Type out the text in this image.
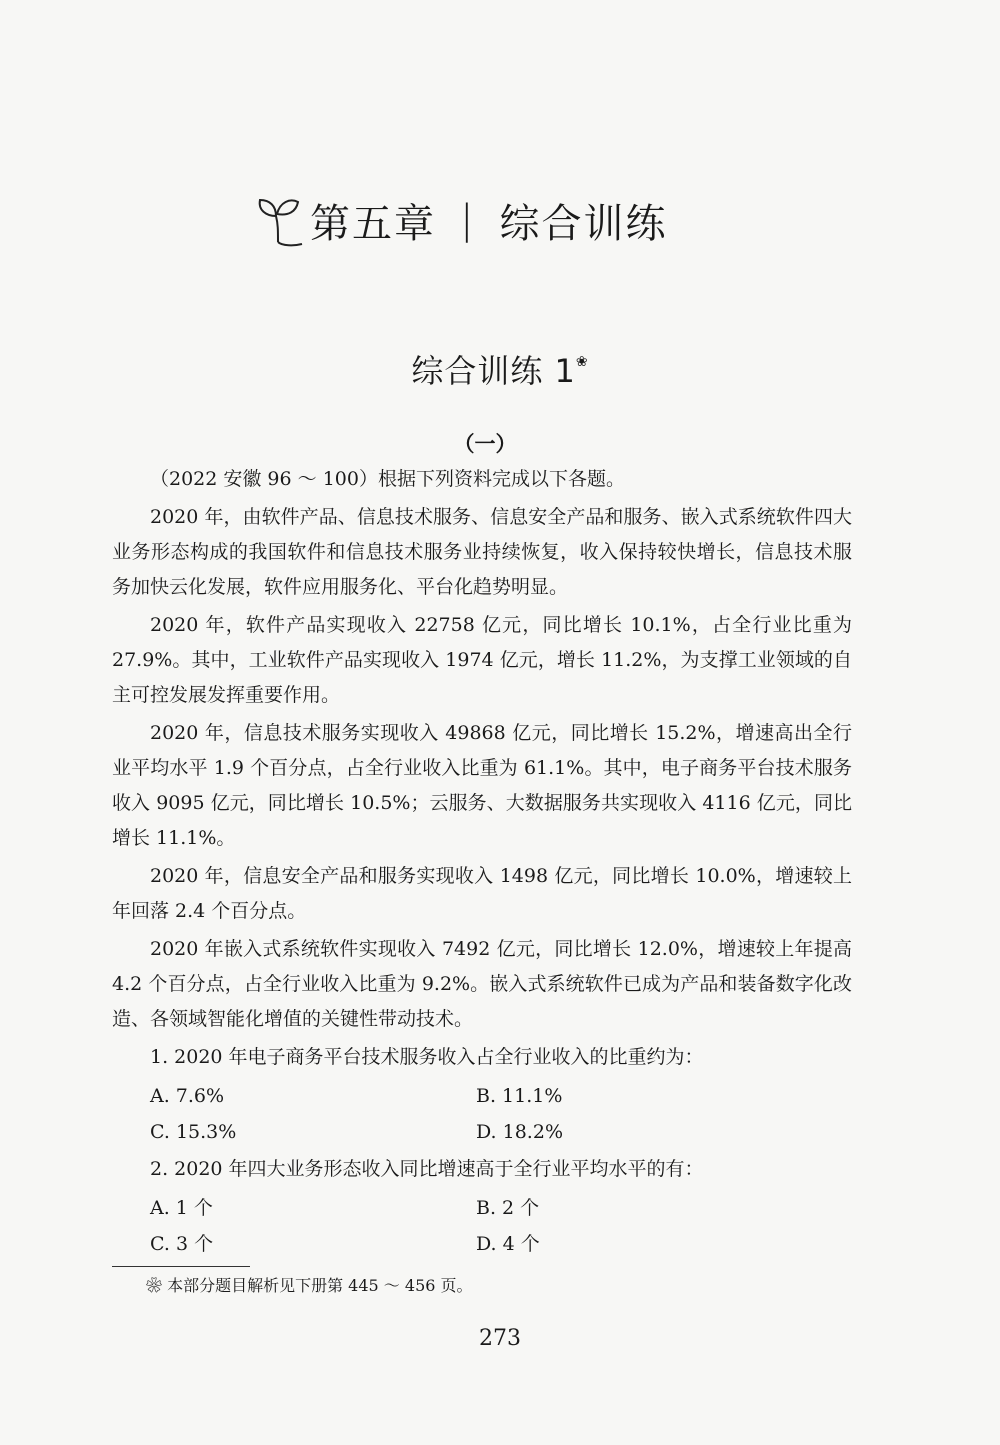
第五章 | 综合训练
综合训练 1❀
（一）

（2022 安徽 96 ～ 100）根据下列资料完成以下各题。

2020 年，由软件产品、信息技术服务、信息安全产品和服务、嵌入式系统软件四大业务形态构成的我国软件和信息技术服务业持续恢复，收入保持较快增长，信息技术服务加快云化发展，软件应用服务化、平台化趋势明显。

2020 年，软件产品实现收入 22758 亿元，同比增长 10.1%，占全行业比重为 27.9%。其中，工业软件产品实现收入 1974 亿元，增长 11.2%，为支撑工业领域的自主可控发展发挥重要作用。

2020 年，信息技术服务实现收入 49868 亿元，同比增长 15.2%，增速高出全行业平均水平 1.9 个百分点，占全行业收入比重为 61.1%。其中，电子商务平台技术服务收入 9095 亿元，同比增长 10.5%；云服务、大数据服务共实现收入 4116 亿元，同比增长 11.1%。

2020 年，信息安全产品和服务实现收入 1498 亿元，同比增长 10.0%，增速较上年回落 2.4 个百分点。

2020 年嵌入式系统软件实现收入 7492 亿元，同比增长 12.0%，增速较上年提高 4.2 个百分点，占全行业收入比重为 9.2%。嵌入式系统软件已成为产品和装备数字化改造、各领域智能化增值的关键性带动技术。

1. 2020 年电子商务平台技术服务收入占全行业收入的比重约为：

A. 7.6%	B. 11.1%
C. 15.3%	D. 18.2%

2. 2020 年四大业务形态收入同比增速高于全行业平均水平的有：

A. 1 个	B. 2 个
C. 3 个	D. 4 个
❀ 本部分题目解析见下册第 445 ～ 456 页。
273
